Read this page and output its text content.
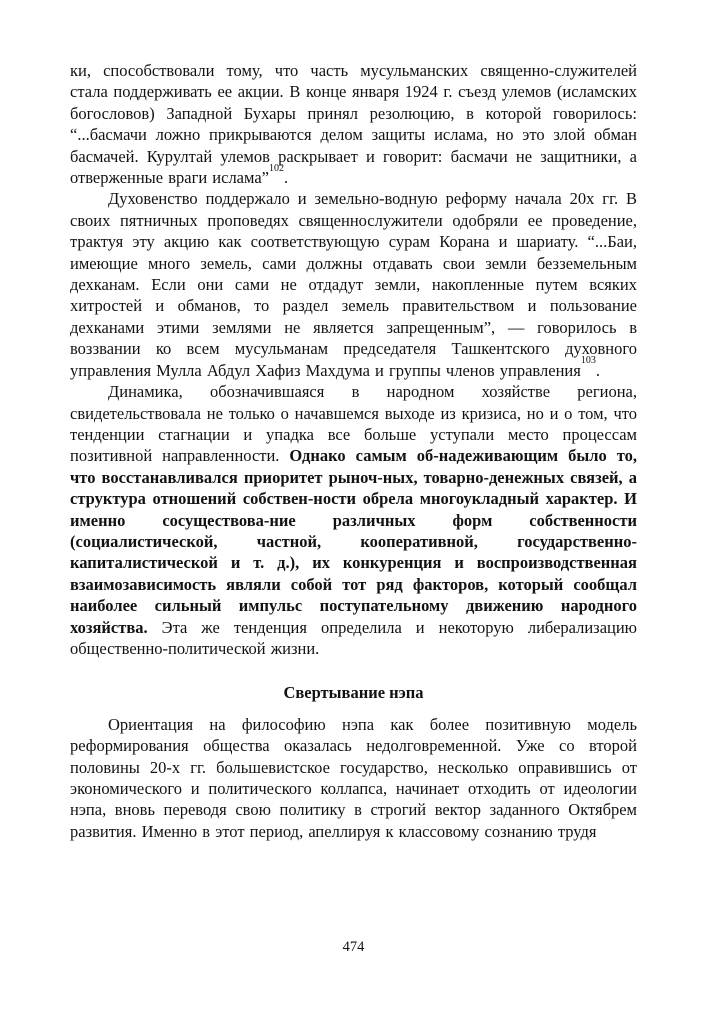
ки, способствовали тому, что часть мусульманских священно-служителей стала поддерживать ее акции. В конце января 1924 г. съезд улемов (исламских богословов) Западной Бухары принял резолюцию, в которой говорилось: “...басмачи ложно прикрываются делом защиты ислама, но это злой обман басмачей. Курултай улемов раскрывает и говорит: басмачи не защитники, а отверженные враги ислама”$^{102}$.

Духовенство поддержало и земельно-водную реформу начала 20х гг. В своих пятничных проповедях священнослужители одобряли ее проведение, трактуя эту акцию как соответствующую сурам Корана и шариату. “...Баи, имеющие много земель, сами должны отдавать свои земли безземельным дехканам. Если они сами не отдадут земли, накопленные путем всяких хитростей и обманов, то раздел земель правительством и пользование дехканами этими землями не является запрещенным”, — говорилось в воззвании ко всем мусульманам председателя Ташкентского духовного управления Мулла Абдул Хафиз Махдума и группы членов управления$^{103}$.

Динамика, обозначившаяся в народном хозяйстве региона, свидетельствовала не только о начавшемся выходе из кризиса, но и о том, что тенденции стагнации и упадка все больше уступали место процессам позитивной направленности. Однако самым об-надеживающим было то, что восстанавливался приоритет рыноч-ных, товарно-денежных связей, а структура отношений собствен-ности обрела многоукладный характер. И именно сосуществова-ние различных форм собственности (социалистической, частной, кооперативной, государственно-капиталистической и т. д.), их конкуренция и воспроизводственная взаимозависимость являли собой тот ряд факторов, который сообщал наиболее сильный импульс поступательному движению народного хозяйства. Эта же тенденция определила и некоторую либерализацию общественно-политической жизни.

Свертывание нэпа

Ориентация на философию нэпа как более позитивную модель реформирования общества оказалась недолговременной. Уже со второй половины 20-х гг. большевистское государство, несколько оправившись от экономического и политического коллапса, начинает отходить от идеологии нэпа, вновь переводя свою политику в строгий вектор заданного Октябрем развития. Именно в этот период, апеллируя к классовому сознанию трудя

474
